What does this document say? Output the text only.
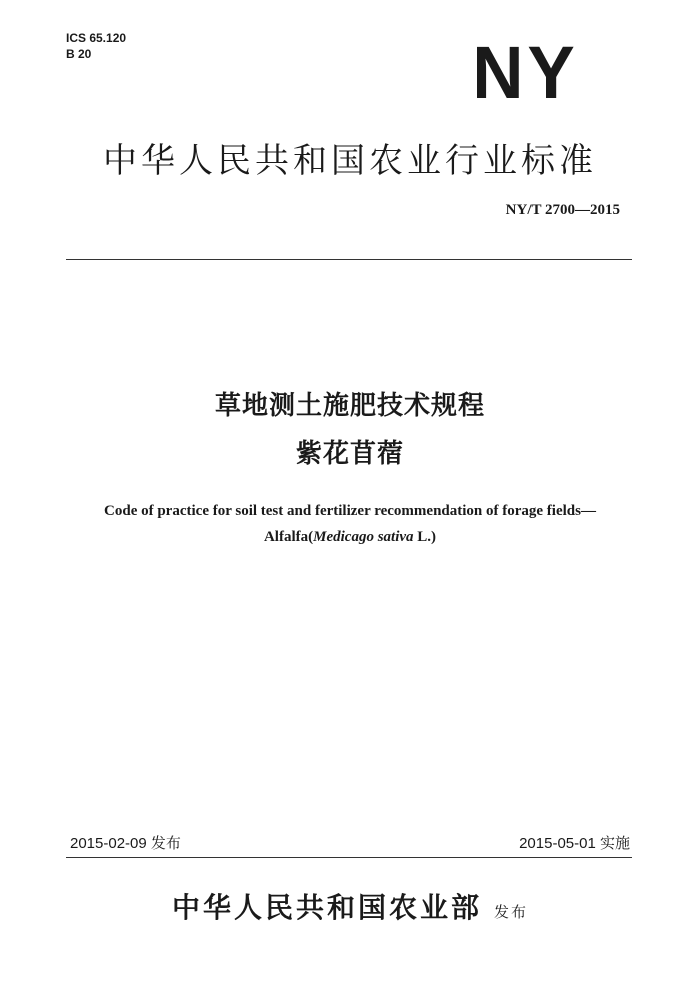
ICS 65.120
B 20	NY
中华人民共和国农业行业标准
NY/T 2700—2015
草地测土施肥技术规程
紫花苜蓿
Code of practice for soil test and fertilizer recommendation of forage fields—
Alfalfa(Medicago sativa L.)
2015-02-09 发布	2015-05-01 实施
中华人民共和国农业部 发布
